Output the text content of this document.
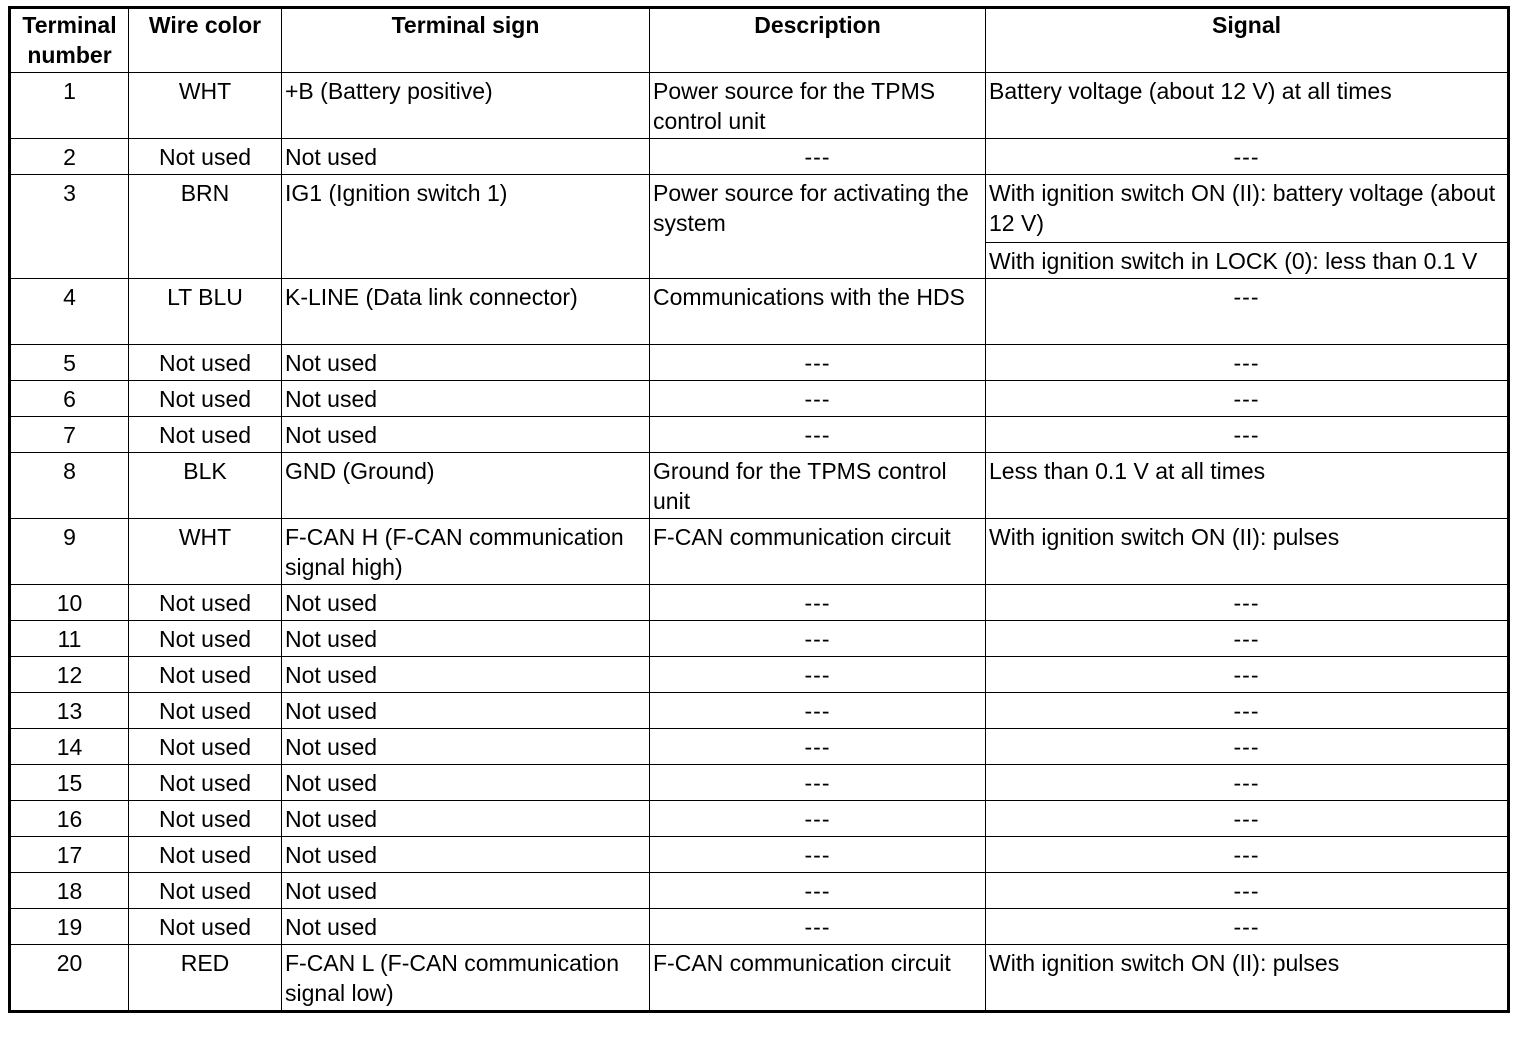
Terminal number	Wire color	Terminal sign	Description	Signal
1	WHT	+B (Battery positive)	Power source for the TPMS control unit	Battery voltage (about 12 V) at all times
2	Not used	Not used	---	---
3	BRN	IG1 (Ignition switch 1)	Power source for activating the system	With ignition switch ON (II): battery voltage (about 12 V)
With ignition switch in LOCK (0): less than 0.1 V

4	LT BLU	K-LINE (Data link connector)	Communications with the HDS	---
5	Not used	Not used	---	---
6	Not used	Not used	---	---
7	Not used	Not used	---	---
8	BLK	GND (Ground)	Ground for the TPMS control unit	Less than 0.1 V at all times
9	WHT	F-CAN H (F-CAN communication signal high)	F-CAN communication circuit	With ignition switch ON (II): pulses
10	Not used	Not used	---	---
11	Not used	Not used	---	---
12	Not used	Not used	---	---
13	Not used	Not used	---	---
14	Not used	Not used	---	---
15	Not used	Not used	---	---
16	Not used	Not used	---	---
17	Not used	Not used	---	---
18	Not used	Not used	---	---
19	Not used	Not used	---	---
20	RED	F-CAN L (F-CAN communication signal low)	F-CAN communication circuit	With ignition switch ON (II): pulses
